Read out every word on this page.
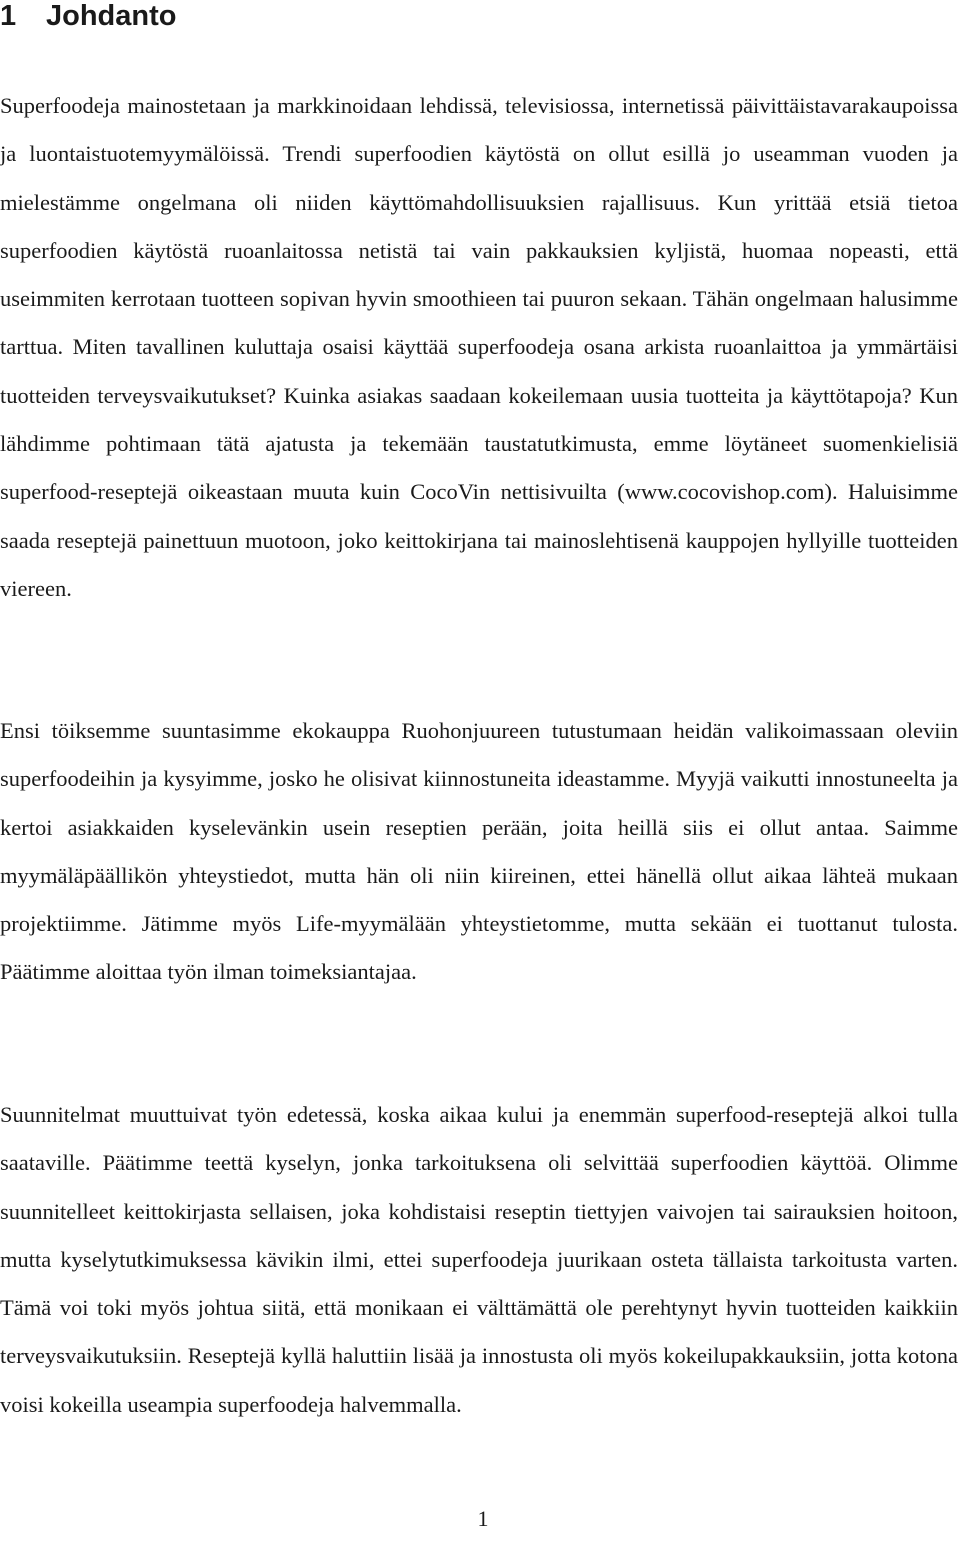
1 Johdanto

Superfoodeja mainostetaan ja markkinoidaan lehdissä, televisiossa, internetissä päivittäistavarakaupoissa ja luontaistuotemyymälöissä. Trendi superfoodien käytöstä on ollut esillä jo useamman vuoden ja mielestämme ongelmana oli niiden käyttömahdollisuuksien rajallisuus. Kun yrittää etsiä tietoa superfoodien käytöstä ruoanlaitossa netistä tai vain pakkauksien kyljistä, huomaa nopeasti, että useimmiten kerrotaan tuotteen sopivan hyvin smoothieen tai puuron sekaan. Tähän ongelmaan halusimme tarttua. Miten tavallinen kuluttaja osaisi käyttää superfoodeja osana arkista ruoanlaittoa ja ymmärtäisi tuotteiden terveysvaikutukset? Kuinka asiakas saadaan kokeilemaan uusia tuotteita ja käyttötapoja? Kun lähdimme pohtimaan tätä ajatusta ja tekemään taustatutkimusta, emme löytäneet suomenkielisiä superfood-reseptejä oikeastaan muuta kuin CocoVin nettisivuilta (www.cocovishop.com). Haluisimme saada reseptejä painettuun muotoon, joko keittokirjana tai mainoslehtisenä kauppojen hyllyille tuotteiden viereen.

Ensi töiksemme suuntasimme ekokauppa Ruohonjuureen tutustumaan heidän valikoimassaan oleviin superfoodeihin ja kysyimme, josko he olisivat kiinnostuneita ideastamme. Myyjä vaikutti innostuneelta ja kertoi asiakkaiden kyselevänkin usein reseptien perään, joita heillä siis ei ollut antaa. Saimme myymäläpäällikön yhteystiedot, mutta hän oli niin kiireinen, ettei hänellä ollut aikaa lähteä mukaan projektiimme. Jätimme myös Life-myymälään yhteystietomme, mutta sekään ei tuottanut tulosta. Päätimme aloittaa työn ilman toimeksiantajaa.

Suunnitelmat muuttuivat työn edetessä, koska aikaa kului ja enemmän superfood-reseptejä alkoi tulla saataville. Päätimme teettä kyselyn, jonka tarkoituksena oli selvittää superfoodien käyttöä. Olimme suunnitelleet keittokirjasta sellaisen, joka kohdistaisi reseptin tiettyjen vaivojen tai sairauksien hoitoon, mutta kyselytutkimuksessa kävikin ilmi, ettei superfoodeja juurikaan osteta tällaista tarkoitusta varten. Tämä voi toki myös johtua siitä, että monikaan ei välttämättä ole perehtynyt hyvin tuotteiden kaikkiin terveysvaikutuksiin. Reseptejä kyllä haluttiin lisää ja innostusta oli myös kokeilupakkauksiin, jotta kotona voisi kokeilla useampia superfoodeja halvemmalla.

1
